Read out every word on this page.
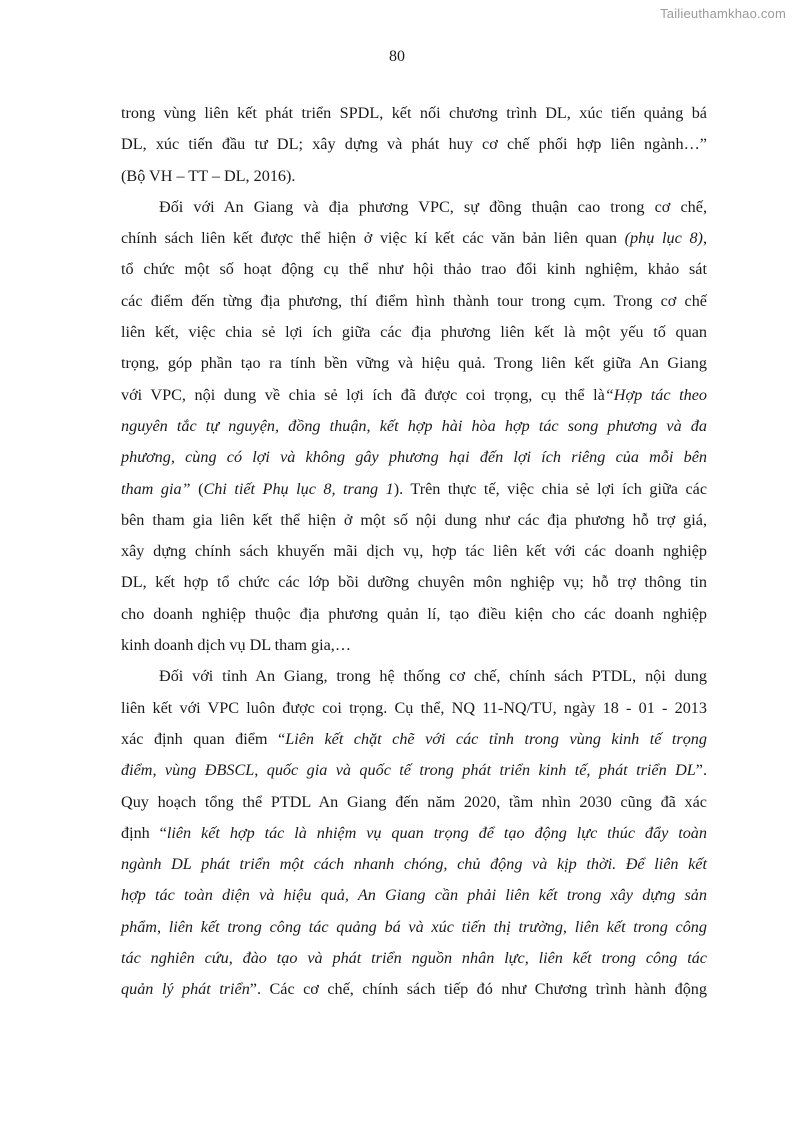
Tailieuthamkhao.com
80
trong vùng liên kết phát triển SPDL, kết nối chương trình DL, xúc tiến quảng bá
DL, xúc tiến đầu tư DL; xây dựng và phát huy cơ chế phối hợp liên ngành…”
(Bộ VH – TT – DL, 2016).
Đối với An Giang và địa phương VPC, sự đồng thuận cao trong cơ chế,
chính sách liên kết được thể hiện ở việc kí kết các văn bản liên quan (phụ lục 8),
tổ chức một số hoạt động cụ thể như hội thảo trao đổi kinh nghiệm, khảo sát
các điểm đến từng địa phương, thí điểm hình thành tour trong cụm. Trong cơ chế
liên kết, việc chia sẻ lợi ích giữa các địa phương liên kết là một yếu tố quan
trọng, góp phần tạo ra tính bền vững và hiệu quả. Trong liên kết giữa An Giang
với VPC, nội dung về chia sẻ lợi ích đã được coi trọng, cụ thể là“Hợp tác theo
nguyên tắc tự nguyện, đồng thuận, kết hợp hài hòa hợp tác song phương và đa
phương, cùng có lợi và không gây phương hại đến lợi ích riêng của mỗi bên
tham gia” (Chi tiết Phụ lục 8, trang 1). Trên thực tế, việc chia sẻ lợi ích giữa các
bên tham gia liên kết thể hiện ở một số nội dung như các địa phương hỗ trợ giá,
xây dựng chính sách khuyến mãi dịch vụ, hợp tác liên kết với các doanh nghiệp
DL, kết hợp tổ chức các lớp bồi dưỡng chuyên môn nghiệp vụ; hỗ trợ thông tin
cho doanh nghiệp thuộc địa phương quản lí, tạo điều kiện cho các doanh nghiệp
kinh doanh dịch vụ DL tham gia,…
Đối với tỉnh An Giang, trong hệ thống cơ chế, chính sách PTDL, nội dung
liên kết với VPC luôn được coi trọng. Cụ thể, NQ 11-NQ/TU, ngày 18 - 01 - 2013
xác định quan điểm “Liên kết chặt chẽ với các tỉnh trong vùng kinh tế trọng
điểm, vùng ĐBSCL, quốc gia và quốc tế trong phát triển kinh tế, phát triển DL”.
Quy hoạch tổng thể PTDL An Giang đến năm 2020, tầm nhìn 2030 cũng đã xác
định “liên kết hợp tác là nhiệm vụ quan trọng để tạo động lực thúc đẩy toàn
ngành DL phát triển một cách nhanh chóng, chủ động và kịp thời. Để liên kết
hợp tác toàn diện và hiệu quả, An Giang cần phải liên kết trong xây dựng sản
phẩm, liên kết trong công tác quảng bá và xúc tiến thị trường, liên kết trong công
tác nghiên cứu, đào tạo và phát triển nguồn nhân lực, liên kết trong công tác
quản lý phát triển”. Các cơ chế, chính sách tiếp đó như Chương trình hành động
